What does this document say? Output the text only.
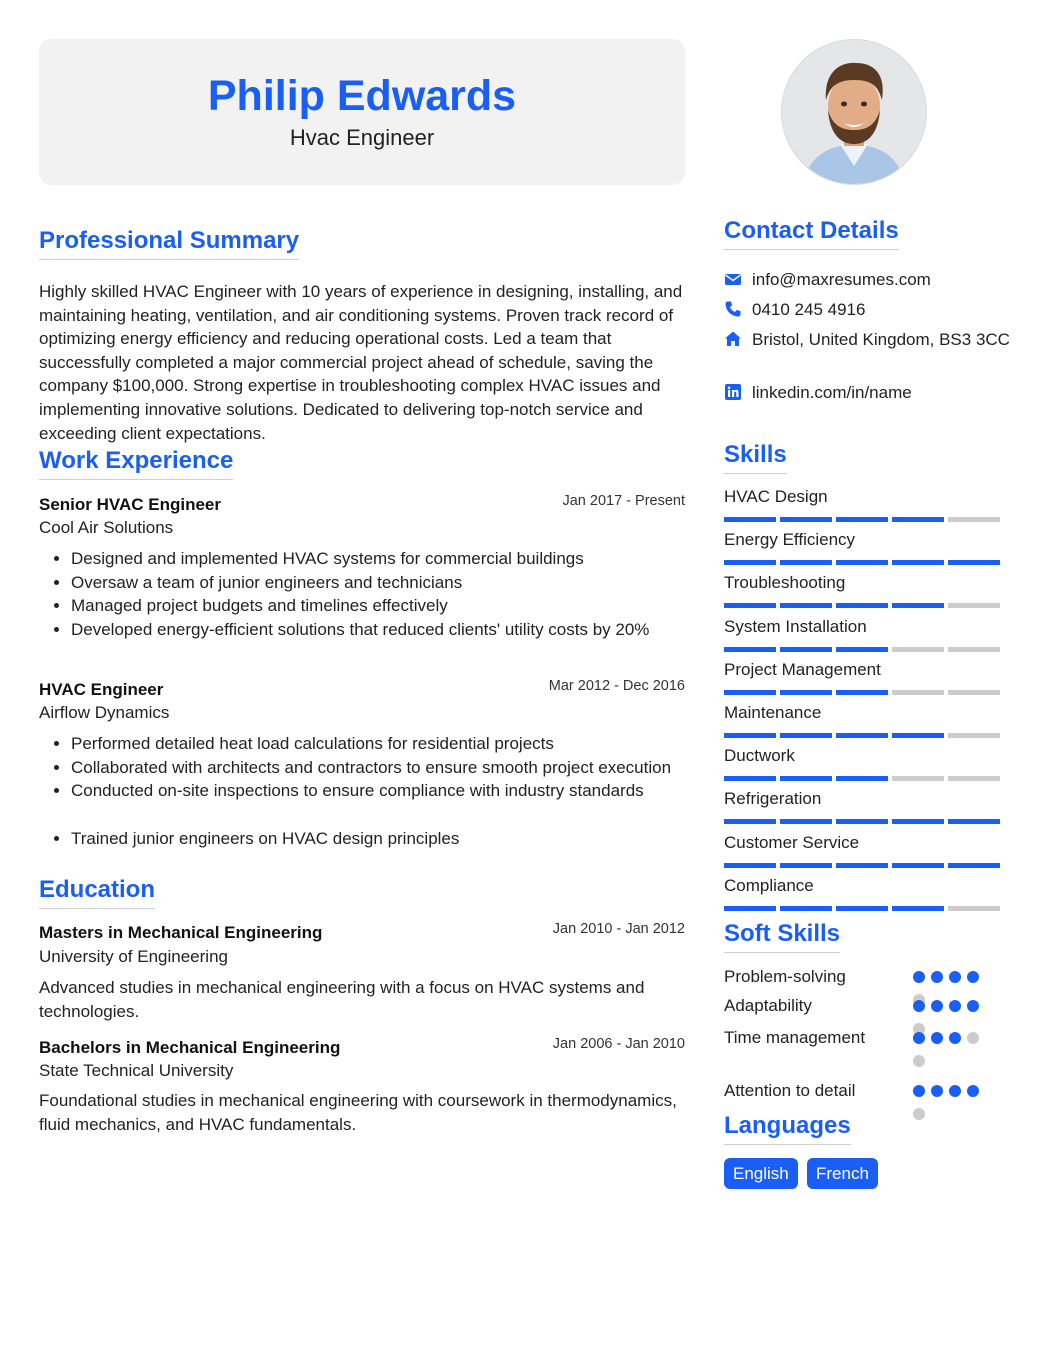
Philip Edwards
Hvac Engineer
Professional Summary

Highly skilled HVAC Engineer with 10 years of experience in designing, installing, and maintaining heating, ventilation, and air conditioning systems. Proven track record of optimizing energy efficiency and reducing operational costs. Led a team that successfully completed a major commercial project ahead of schedule, saving the company $100,000. Strong expertise in troubleshooting complex HVAC issues and implementing innovative solutions. Dedicated to delivering top-notch service and exceeding client expectations.

Work Experience
Senior HVAC Engineer	Jan 2017 - Present
Cool Air Solutions
• Designed and implemented HVAC systems for commercial buildings
• Oversaw a team of junior engineers and technicians
• Managed project budgets and timelines effectively
• Developed energy-efficient solutions that reduced clients' utility costs by 20%
HVAC Engineer	Mar 2012 - Dec 2016
Airflow Dynamics
• Performed detailed heat load calculations for residential projects
• Collaborated with architects and contractors to ensure smooth project execution
• Conducted on-site inspections to ensure compliance with industry standards
• Trained junior engineers on HVAC design principles
Education
Masters in Mechanical Engineering	Jan 2010 - Jan 2012
University of Engineering

Advanced studies in mechanical engineering with a focus on HVAC systems and technologies.

Bachelors in Mechanical Engineering	Jan 2006 - Jan 2010
State Technical University

Foundational studies in mechanical engineering with coursework in thermodynamics, fluid mechanics, and HVAC fundamentals.

Contact Details
info@maxresumes.com
0410 245 4916
Bristol, United Kingdom, BS3 3CC
linkedin.com/in/name
Skills
HVAC Design
Energy Efficiency
Troubleshooting
System Installation
Project Management
Maintenance
Ductwork
Refrigeration
Customer Service
Compliance
Soft Skills
Problem-solving
Adaptability
Time management
Attention to detail
Languages
English	French
